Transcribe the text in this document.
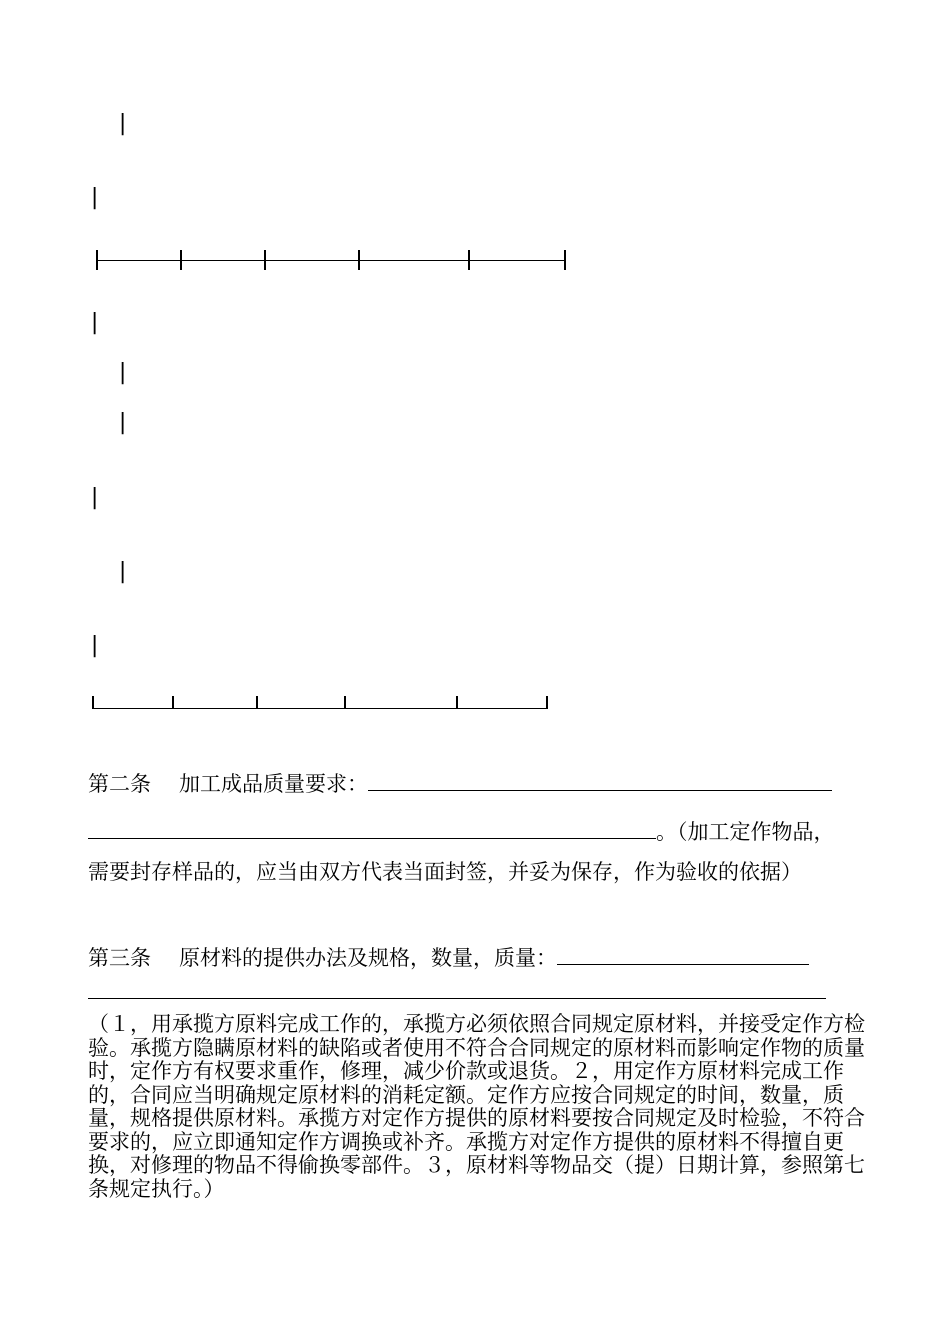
|
|
|
|
|
|
|
|
第二条 加工成品质量要求：
。（加工定作物品，
需要封存样品的，应当由双方代表当面封签，并妥为保存，作为验收的依据）
第三条 原材料的提供办法及规格，数量，质量：
（１，用承揽方原料完成工作的，承揽方必须依照合同规定原材料，并接受定作方检验。承揽方隐瞒原材料的缺陷或者使用不符合合同规定的原材料而影响定作物的质量时，定作方有权要求重作，修理，减少价款或退货。２，用定作方原材料完成工作的，合同应当明确规定原材料的消耗定额。定作方应按合同规定的时间，数量，质量，规格提供原材料。承揽方对定作方提供的原材料要按合同规定及时检验，不符合要求的，应立即通知定作方调换或补齐。承揽方对定作方提供的原材料不得擅自更换，对修理的物品不得偷换零部件。３，原材料等物品交（提）日期计算，参照第七条规定执行。）
